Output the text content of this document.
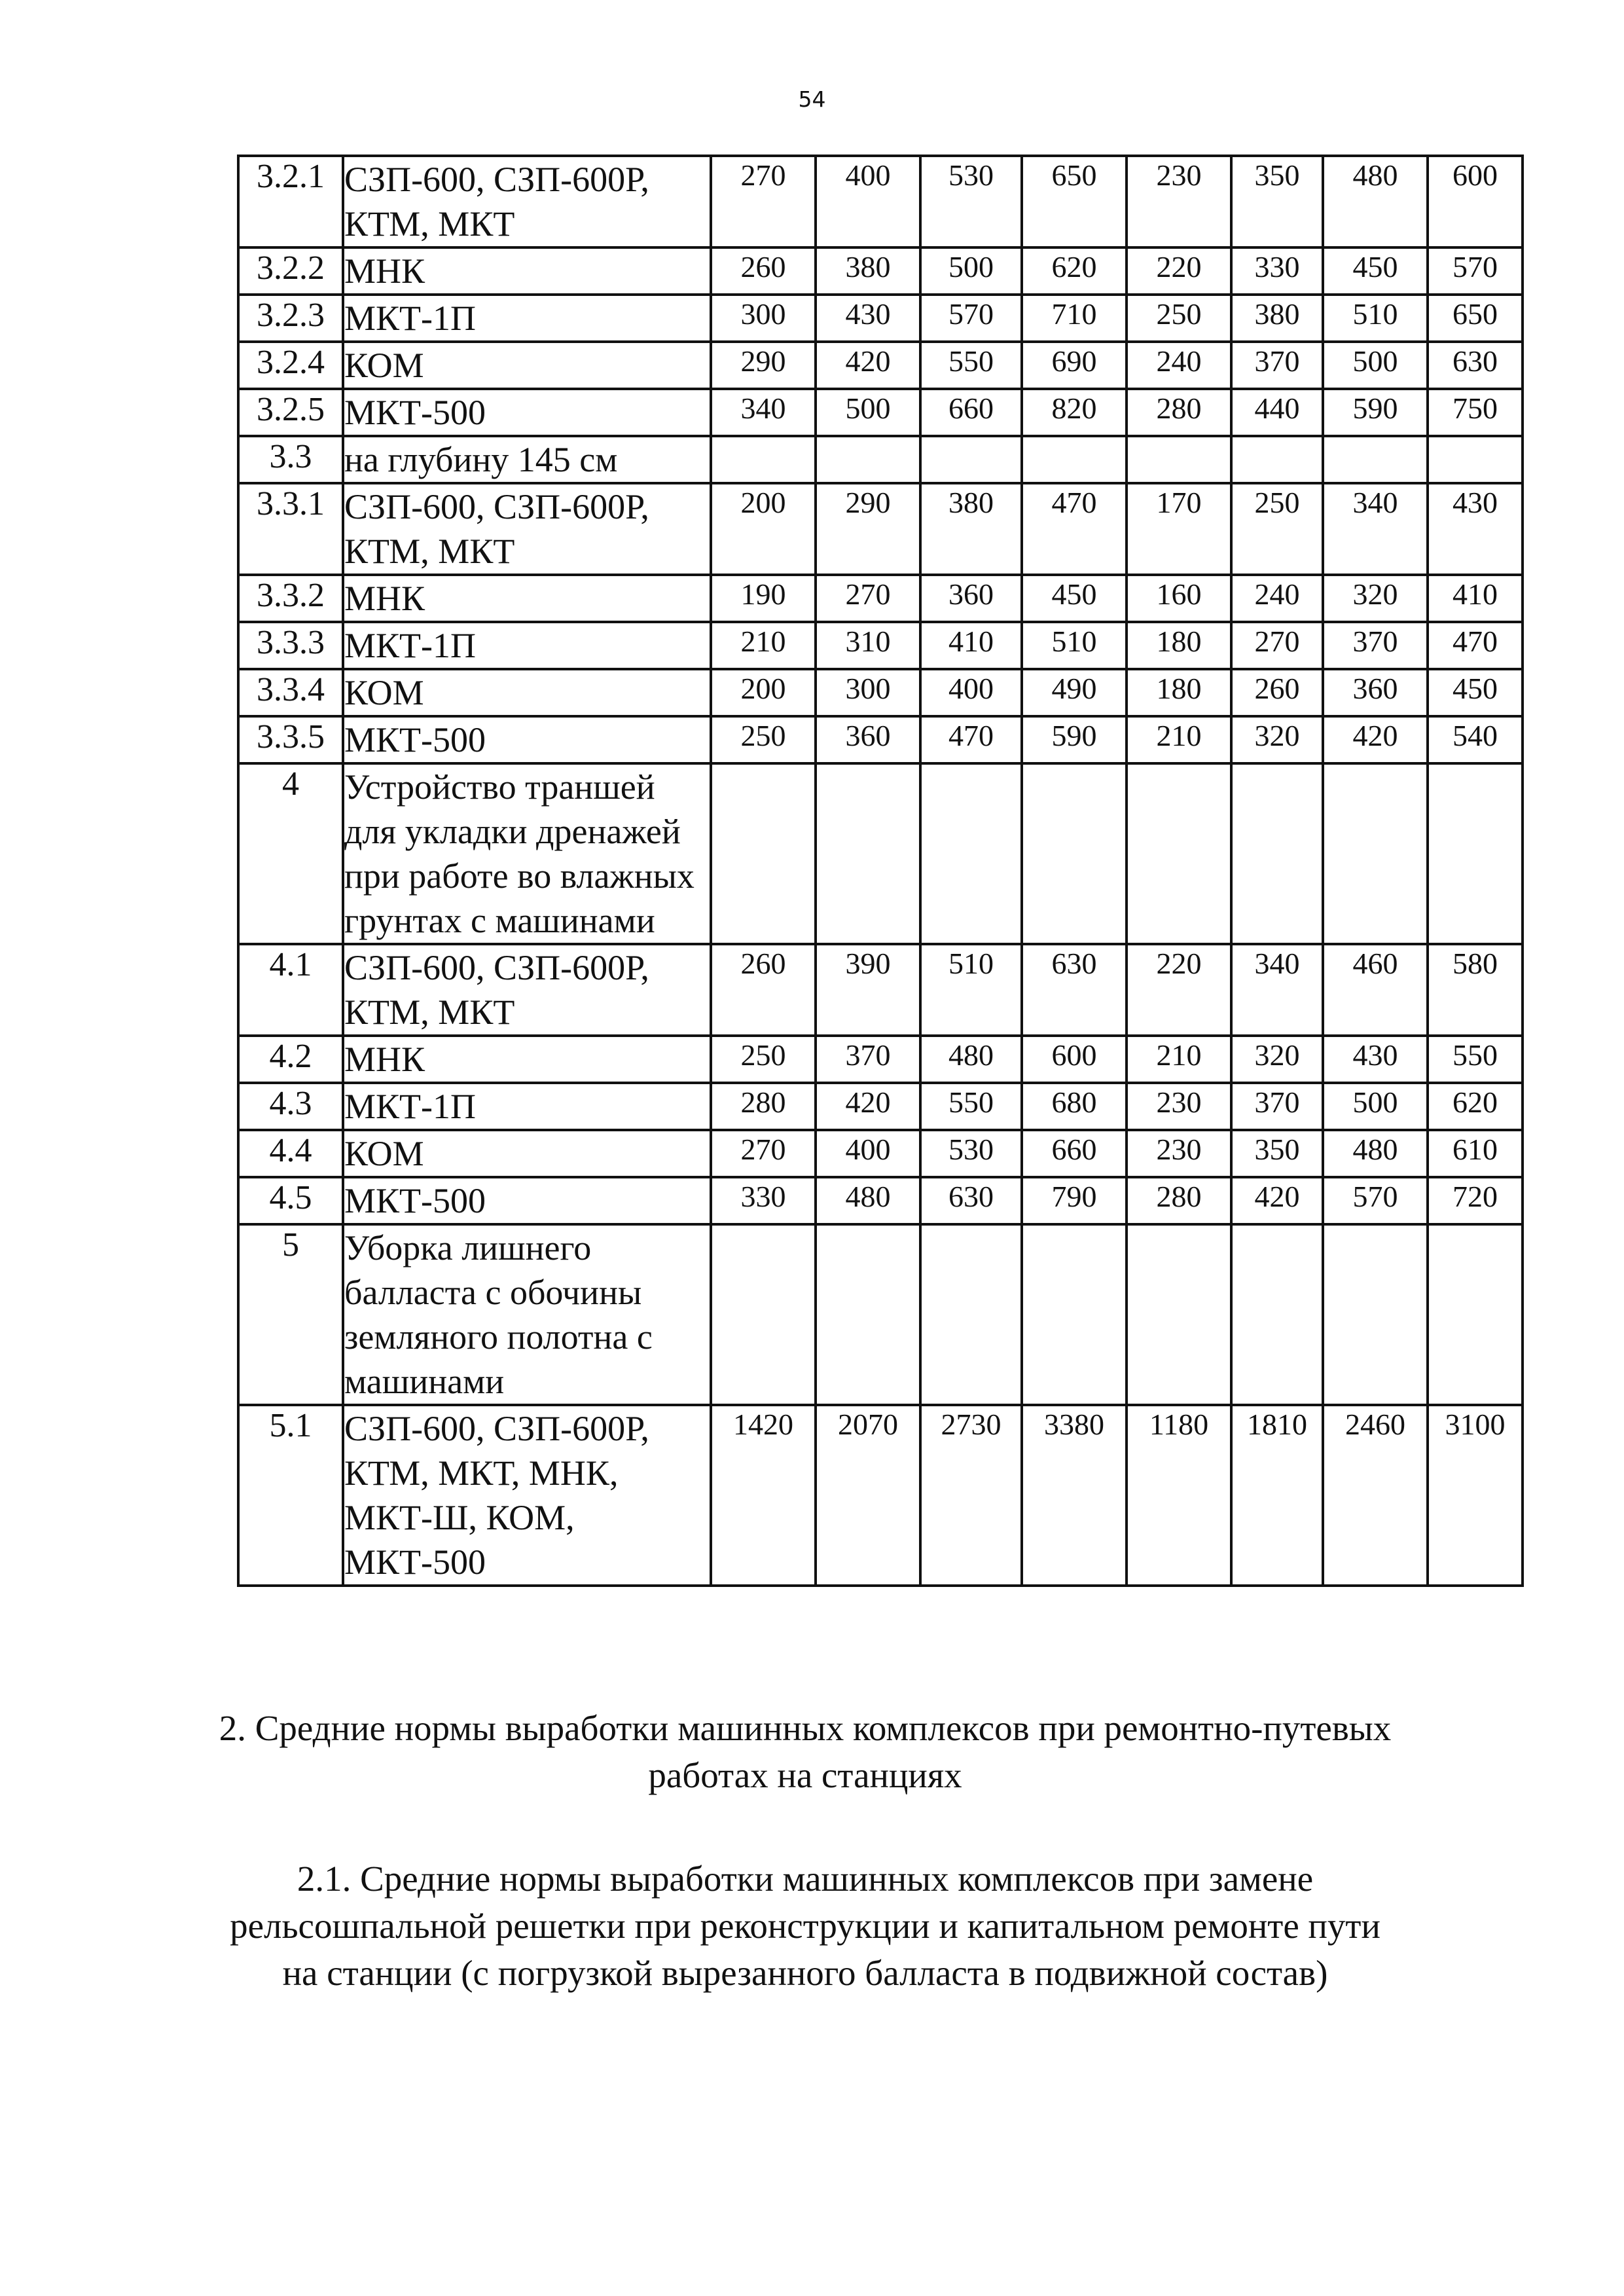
54
3.2.1	СЗП-600, СЗП-600Р, КТМ, МКТ	270	400	530	650	230	350	480	600
3.2.2	МНК	260	380	500	620	220	330	450	570
3.2.3	МКТ-1П	300	430	570	710	250	380	510	650
3.2.4	КОМ	290	420	550	690	240	370	500	630
3.2.5	МКТ-500	340	500	660	820	280	440	590	750
3.3	на глубину 145 см								
3.3.1	СЗП-600, СЗП-600Р, КТМ, МКТ	200	290	380	470	170	250	340	430
3.3.2	МНК	190	270	360	450	160	240	320	410
3.3.3	МКТ-1П	210	310	410	510	180	270	370	470
3.3.4	КОМ	200	300	400	490	180	260	360	450
3.3.5	МКТ-500	250	360	470	590	210	320	420	540
4	Устройство траншей для укладки дренажей при работе во влажных грунтах с машинами								
4.1	СЗП-600, СЗП-600Р, КТМ, МКТ	260	390	510	630	220	340	460	580
4.2	МНК	250	370	480	600	210	320	430	550
4.3	МКТ-1П	280	420	550	680	230	370	500	620
4.4	КОМ	270	400	530	660	230	350	480	610
4.5	МКТ-500	330	480	630	790	280	420	570	720
5	Уборка лишнего балласта с обочины земляного полотна с машинами								
5.1	СЗП-600, СЗП-600Р, КТМ, МКТ, МНК, МКТ-Ш, КОМ, МКТ-500	1420	2070	2730	3380	1180	1810	2460	3100
2. Средние нормы выработки машинных комплексов при ремонтно-путевых работах на станциях
2.1. Средние нормы выработки машинных комплексов при замене рельсошпальной решетки при реконструкции и капитальном ремонте пути на станции (с погрузкой вырезанного балласта в подвижной состав)
